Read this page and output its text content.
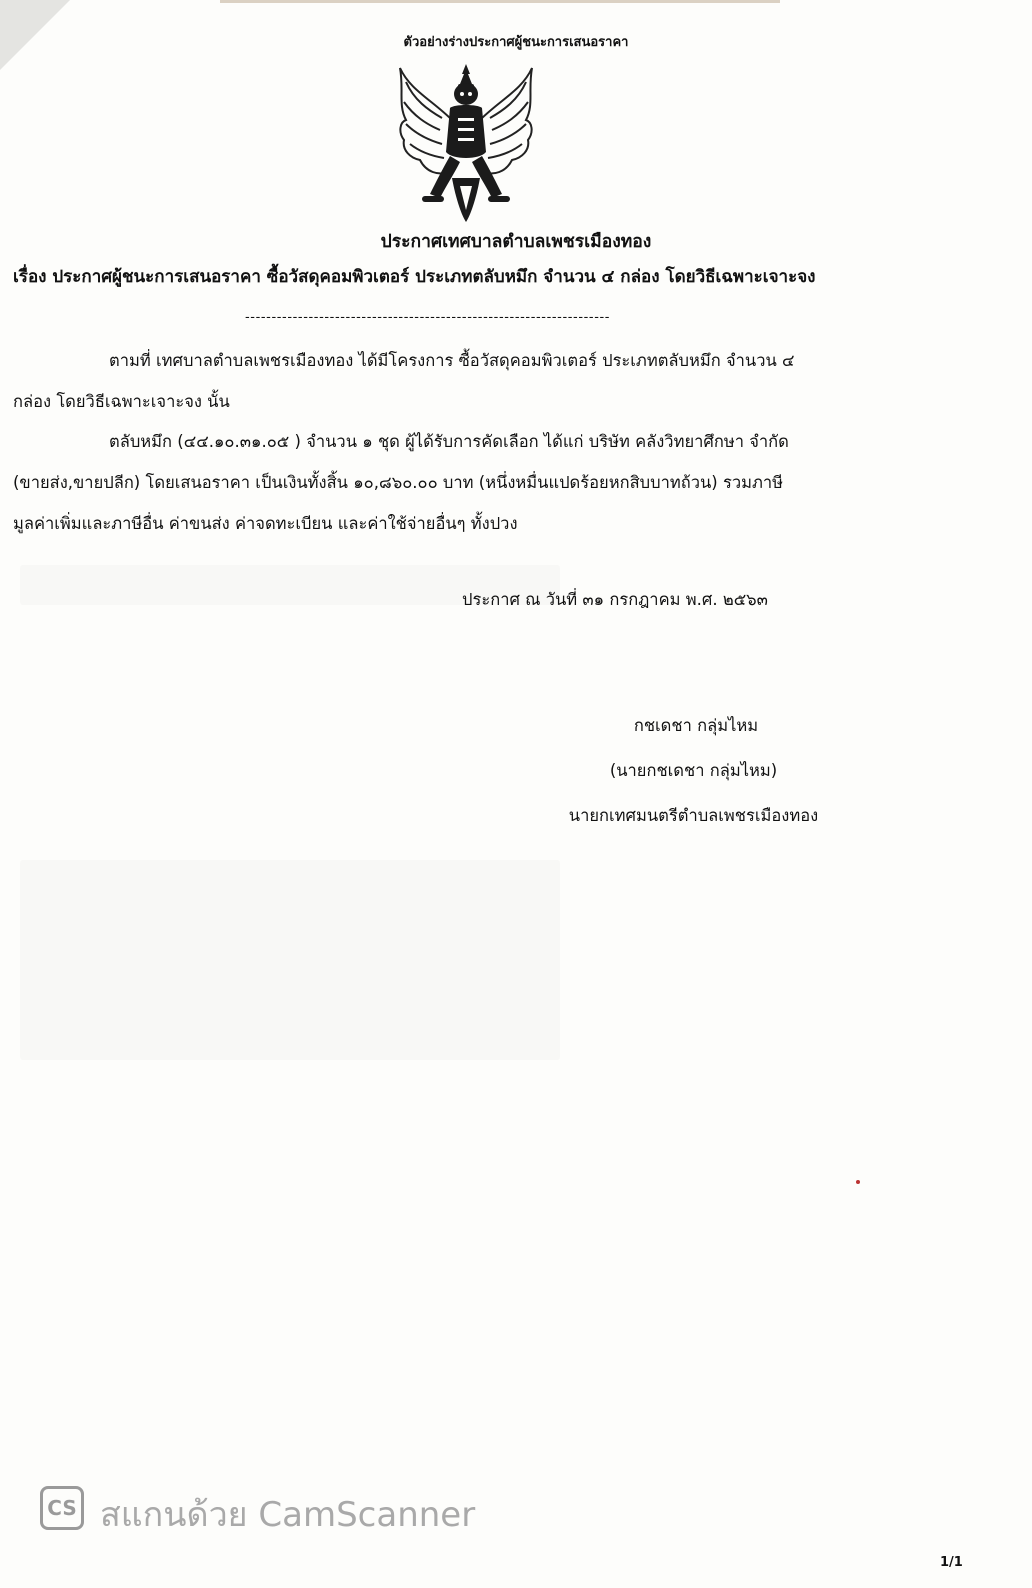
ตัวอย่างร่างประกาศผู้ชนะการเสนอราคา
ประกาศเทศบาลตำบลเพชรเมืองทอง
เรื่อง ประกาศผู้ชนะการเสนอราคา ซื้อวัสดุคอมพิวเตอร์ ประเภทตลับหมึก จำนวน ๔ กล่อง โดยวิธีเฉพาะเจาะจง
---------------------------------------------------------------------
ตามที่ เทศบาลตำบลเพชรเมืองทอง ได้มีโครงการ ซื้อวัสดุคอมพิวเตอร์ ประเภทตลับหมึก จำนวน ๔
กล่อง โดยวิธีเฉพาะเจาะจง นั้น
ตลับหมึก (๔๔.๑๐.๓๑.๐๕ ) จำนวน ๑ ชุด ผู้ได้รับการคัดเลือก ได้แก่ บริษัท คลังวิทยาศึกษา จำกัด
(ขายส่ง,ขายปลีก) โดยเสนอราคา เป็นเงินทั้งสิ้น ๑๐,๘๖๐.๐๐ บาท (หนึ่งหมื่นแปดร้อยหกสิบบาทถ้วน) รวมภาษี
มูลค่าเพิ่มและภาษีอื่น ค่าขนส่ง ค่าจดทะเบียน และค่าใช้จ่ายอื่นๆ ทั้งปวง
ประกาศ ณ วันที่ ๓๑ กรกฎาคม พ.ศ. ๒๕๖๓
กชเดชา กลุ่มไหม
(นายกชเดชา กลุ่มไหม)
นายกเทศมนตรีตำบลเพชรเมืองทอง
CS สแกนด้วย CamScanner
1/1
